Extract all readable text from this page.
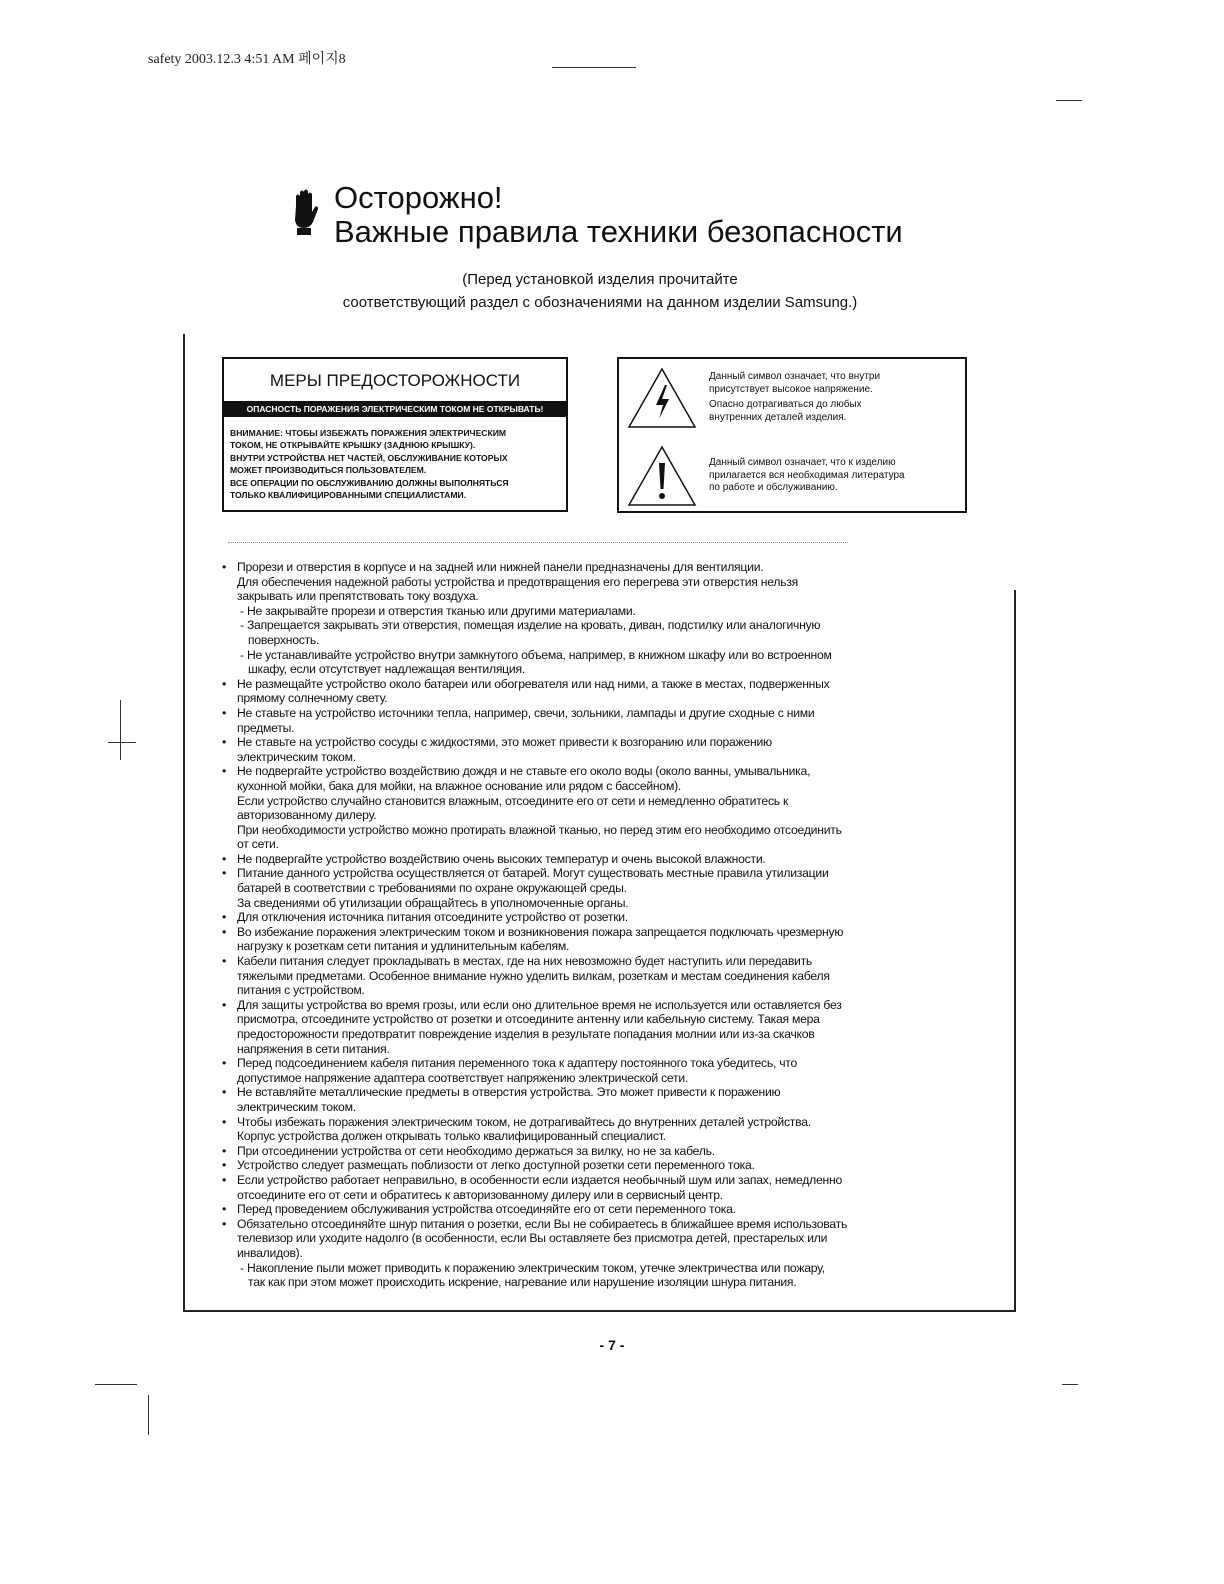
safety 2003.12.3 4:51 AM 페이지8
Осторожно!
Важные правила техники безопасности
(Перед установкой изделия прочитайте
соответствующий раздел с обозначениями на данном изделии Samsung.)
МЕРЫ ПРЕДОСТОРОЖНОСТИ
ОПАСНОСТЬ ПОРАЖЕНИЯ ЭЛЕКТРИЧЕСКИМ ТОКОМ НЕ ОТКРЫВАТЬ!
ВНИМАНИЕ: ЧТОБЫ ИЗБЕЖАТЬ ПОРАЖЕНИЯ ЭЛЕКТРИЧЕСКИМ
ТОКОМ, НЕ ОТКРЫВАЙТЕ КРЫШКУ (ЗАДНЮЮ КРЫШКУ).
ВНУТРИ УСТРОЙСТВА НЕТ ЧАСТЕЙ, ОБСЛУЖИВАНИЕ КОТОРЫХ
МОЖЕТ ПРОИЗВОДИТЬСЯ ПОЛЬЗОВАТЕЛЕМ.
ВСЕ ОПЕРАЦИИ ПО ОБСЛУЖИВАНИЮ ДОЛЖНЫ ВЫПОЛНЯТЬСЯ
ТОЛЬКО КВАЛИФИЦИРОВАННЫМИ СПЕЦИАЛИСТАМИ.
Данный символ означает, что внутри
присутствует высокое напряжение.
Опасно дотрагиваться до любых
внутренних деталей изделия.
Данный символ означает, что к изделию
прилагается вся необходимая литература
по работе и обслуживанию.
• Прорези и отверстия в корпусе и на задней или нижней панели предназначены для вентиляции.
Для обеспечения надежной работы устройства и предотвращения его перегрева эти отверстия нельзя
закрывать или препятствовать току воздуха.
- Не закрывайте прорези и отверстия тканью или другими материалами.
- Запрещается закрывать эти отверстия, помещая изделие на кровать, диван, подстилку или аналогичную
поверхность.
- Не устанавливайте устройство внутри замкнутого объема, например, в книжном шкафу или во встроенном
шкафу, если отсутствует надлежащая вентиляция.
• Не размещайте устройство около батареи или обогревателя или над ними, а также в местах, подверженных
прямому солнечному свету.
• Не ставьте на устройство источники тепла, например, свечи, зольники, лампады и другие сходные с ними
предметы.
• Не ставьте на устройство сосуды с жидкостями, это может привести к возгоранию или поражению
электрическим током.
• Не подвергайте устройство воздействию дождя и не ставьте его около воды (около ванны, умывальника,
кухонной мойки, бака для мойки, на влажное основание или рядом с бассейном).
Если устройство случайно становится влажным, отсоедините его от сети и немедленно обратитесь к
авторизованному дилеру.
При необходимости устройство можно протирать влажной тканью, но перед этим его необходимо отсоединить
от сети.
• Не подвергайте устройство воздействию очень высоких температур и очень высокой влажности.
• Питание данного устройства осуществляется от батарей. Могут существовать местные правила утилизации
батарей в соответствии с требованиями по охране окружающей среды.
За сведениями об утилизации обращайтесь в уполномоченные органы.
• Для отключения источника питания отсоедините устройство от розетки.
• Во избежание поражения электрическим током и возникновения пожара запрещается подключать чрезмерную
нагрузку к розеткам сети питания и удлинительным кабелям.
• Кабели питания следует прокладывать в местах, где на них невозможно будет наступить или передавить
тяжелыми предметами. Особенное внимание нужно уделить вилкам, розеткам и местам соединения кабеля
питания с устройством.
• Для защиты устройства во время грозы, или если оно длительное время не используется или оставляется без
присмотра, отсоедините устройство от розетки и отсоедините антенну или кабельную систему. Такая мера
предосторожности предотвратит повреждение изделия в результате попадания молнии или из-за скачков
напряжения в сети питания.
• Перед подсоединением кабеля питания переменного тока к адаптеру постоянного тока убедитесь, что
допустимое напряжение адаптера соответствует напряжению электрической сети.
• Не вставляйте металлические предметы в отверстия устройства. Это может привести к поражению
электрическим током.
• Чтобы избежать поражения электрическим током, не дотрагивайтесь до внутренних деталей устройства.
Корпус устройства должен открывать только квалифицированный специалист.
• При отсоединении устройства от сети необходимо держаться за вилку, но не за кабель.
• Устройство следует размещать поблизости от легко доступной розетки сети переменного тока.
• Если устройство работает неправильно, в особенности если издается необычный шум или запах, немедленно
отсоедините его от сети и обратитесь к авторизованному дилеру или в сервисный центр.
• Перед проведением обслуживания устройства отсоединяйте его от сети переменного тока.
• Обязательно отсоединяйте шнур питания о розетки, если Вы не собираетесь в ближайшее время использовать
телевизор или уходите надолго (в особенности, если Вы оставляете без присмотра детей, престарелых или
инвалидов).
- Накопление пыли может приводить к поражению электрическим током, утечке электричества или пожару,
так как при этом может происходить искрение, нагревание или нарушение изоляции шнура питания.
- 7 -
